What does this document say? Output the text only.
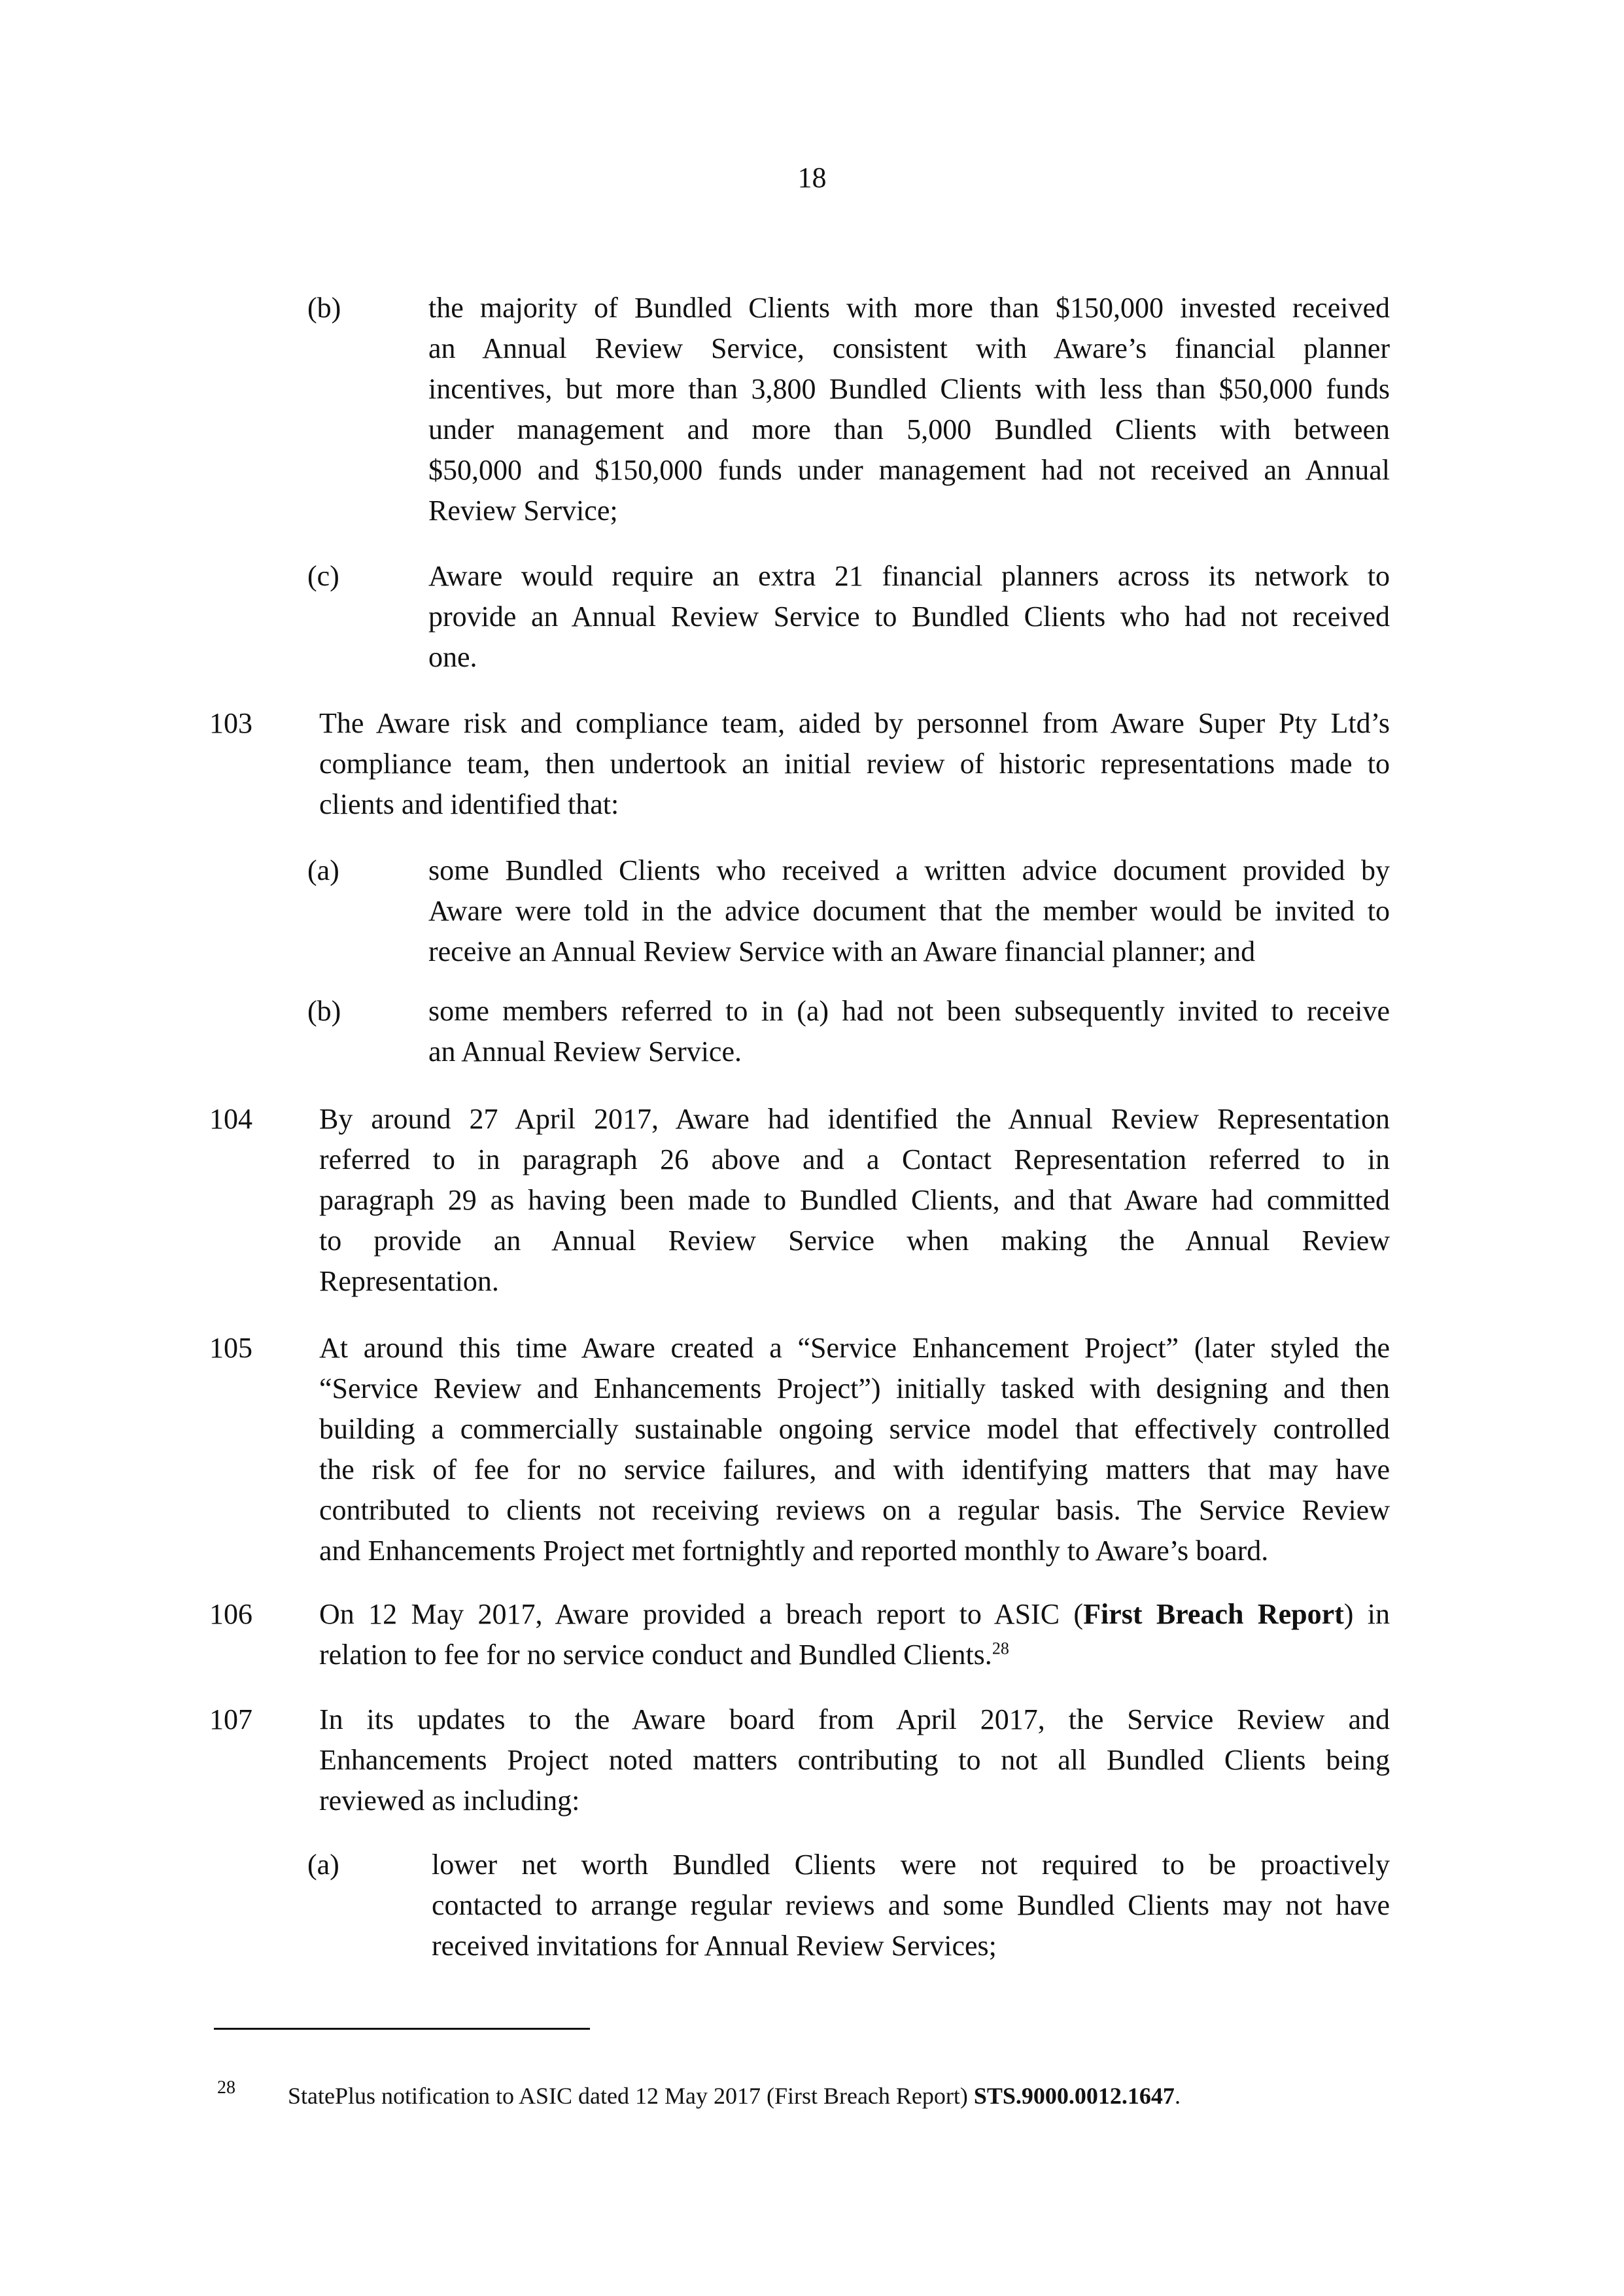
18
(b)	the majority of Bundled Clients with more than $150,000 invested received
an Annual Review Service, consistent with Aware’s financial planner
incentives, but more than 3,800 Bundled Clients with less than $50,000 funds
under management and more than 5,000 Bundled Clients with between
$50,000 and $150,000 funds under management had not received an Annual
Review Service;
(c)	Aware would require an extra 21 financial planners across its network to
provide an Annual Review Service to Bundled Clients who had not received
one.
103 The Aware risk and compliance team, aided by personnel from Aware Super Pty Ltd’s
compliance team, then undertook an initial review of historic representations made to
clients and identified that:
(a)	some Bundled Clients who received a written advice document provided by
Aware were told in the advice document that the member would be invited to
receive an Annual Review Service with an Aware financial planner; and
(b)	some members referred to in (a) had not been subsequently invited to receive
an Annual Review Service.
104 By around 27 April 2017, Aware had identified the Annual Review Representation
referred to in paragraph 26 above and a Contact Representation referred to in
paragraph 29 as having been made to Bundled Clients, and that Aware had committed
to provide an Annual Review Service when making the Annual Review
Representation.
105 At around this time Aware created a “Service Enhancement Project” (later styled the
“Service Review and Enhancements Project”) initially tasked with designing and then
building a commercially sustainable ongoing service model that effectively controlled
the risk of fee for no service failures, and with identifying matters that may have
contributed to clients not receiving reviews on a regular basis. The Service Review
and Enhancements Project met fortnightly and reported monthly to Aware’s board.
106 On 12 May 2017, Aware provided a breach report to ASIC (First Breach Report) in
relation to fee for no service conduct and Bundled Clients.$^{28}$
107 In its updates to the Aware board from April 2017, the Service Review and
Enhancements Project noted matters contributing to not all Bundled Clients being
reviewed as including:
(a)	lower net worth Bundled Clients were not required to be proactively
contacted to arrange regular reviews and some Bundled Clients may not have
received invitations for Annual Review Services;
28 StatePlus notification to ASIC dated 12 May 2017 (First Breach Report) STS.9000.0012.1647.
